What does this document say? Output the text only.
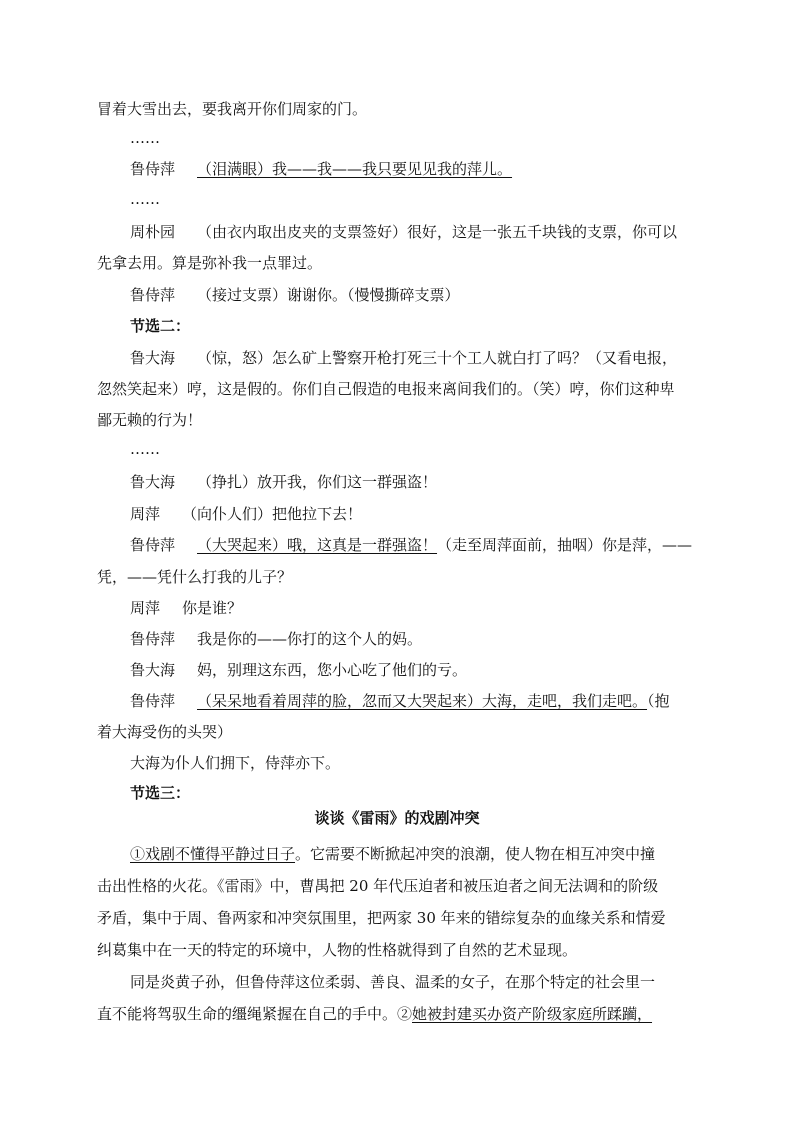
冒着大雪出去，要我离开你们周家的门。
……
鲁侍萍 （泪满眼）我——我——我只要见见我的萍儿。
……
周朴园 （由衣内取出皮夹的支票签好）很好，这是一张五千块钱的支票，你可以
先拿去用。算是弥补我一点罪过。
鲁侍萍 （接过支票）谢谢你。（慢慢撕碎支票）
节选二：
鲁大海 （惊，怒）怎么矿上警察开枪打死三十个工人就白打了吗？（又看电报，
忽然笑起来）哼，这是假的。你们自己假造的电报来离间我们的。（笑）哼，你们这种卑
鄙无赖的行为！
……
鲁大海 （挣扎）放开我，你们这一群强盗！
周萍 （向仆人们）把他拉下去！
鲁侍萍 （大哭起来）哦，这真是一群强盗！（走至周萍面前，抽咽）你是萍，——
凭，——凭什么打我的儿子？
周萍 你是谁？
鲁侍萍 我是你的——你打的这个人的妈。
鲁大海 妈，别理这东西，您小心吃了他们的亏。
鲁侍萍 （呆呆地看着周萍的脸，忽而又大哭起来）大海，走吧，我们走吧。（抱
着大海受伤的头哭）
大海为仆人们拥下，侍萍亦下。
节选三：
谈谈《雷雨》的戏剧冲突
①戏剧不懂得平静过日子。它需要不断掀起冲突的浪潮，使人物在相互冲突中撞
击出性格的火花。《雷雨》中，曹禺把 20 年代压迫者和被压迫者之间无法调和的阶级
矛盾，集中于周、鲁两家和冲突氛围里，把两家 30 年来的错综复杂的血缘关系和情爱
纠葛集中在一天的特定的环境中，人物的性格就得到了自然的艺术显现。
同是炎黄子孙，但鲁侍萍这位柔弱、善良、温柔的女子，在那个特定的社会里一
直不能将驾驭生命的缰绳紧握在自己的手中。②她被封建买办资产阶级家庭所蹂躏，
